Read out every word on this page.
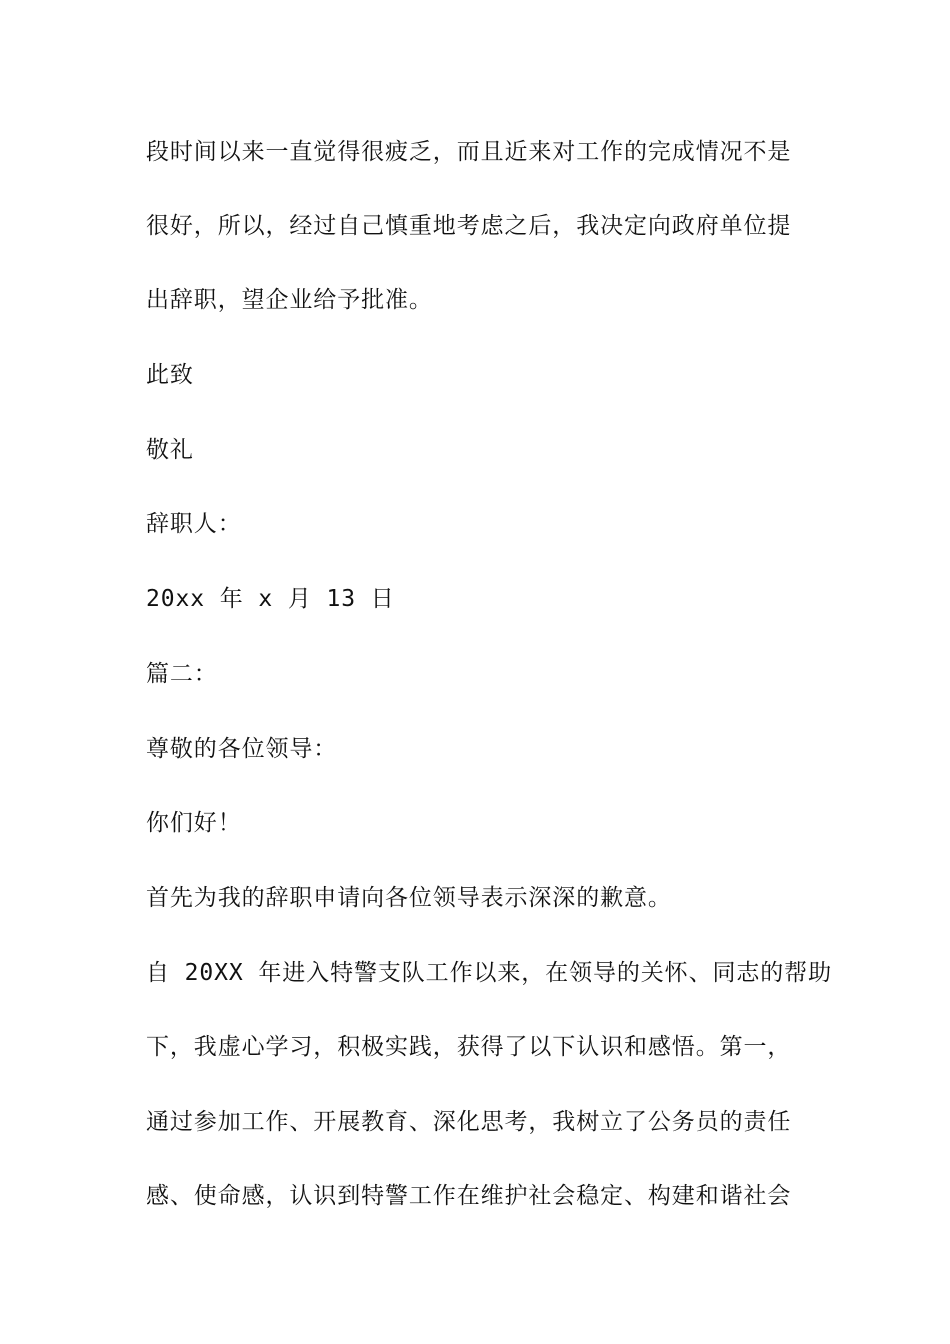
段时间以来一直觉得很疲乏，而且近来对工作的完成情况不是
很好，所以，经过自己慎重地考虑之后，我决定向政府单位提
出辞职，望企业给予批准。
此致
敬礼
辞职人：
20xx 年 x 月 13 日
篇二：
尊敬的各位领导：
你们好！
首先为我的辞职申请向各位领导表示深深的歉意。
自 20XX 年进入特警支队工作以来，在领导的关怀、同志的帮助
下，我虚心学习，积极实践，获得了以下认识和感悟。第一，
通过参加工作、开展教育、深化思考，我树立了公务员的责任
感、使命感，认识到特警工作在维护社会稳定、构建和谐社会
